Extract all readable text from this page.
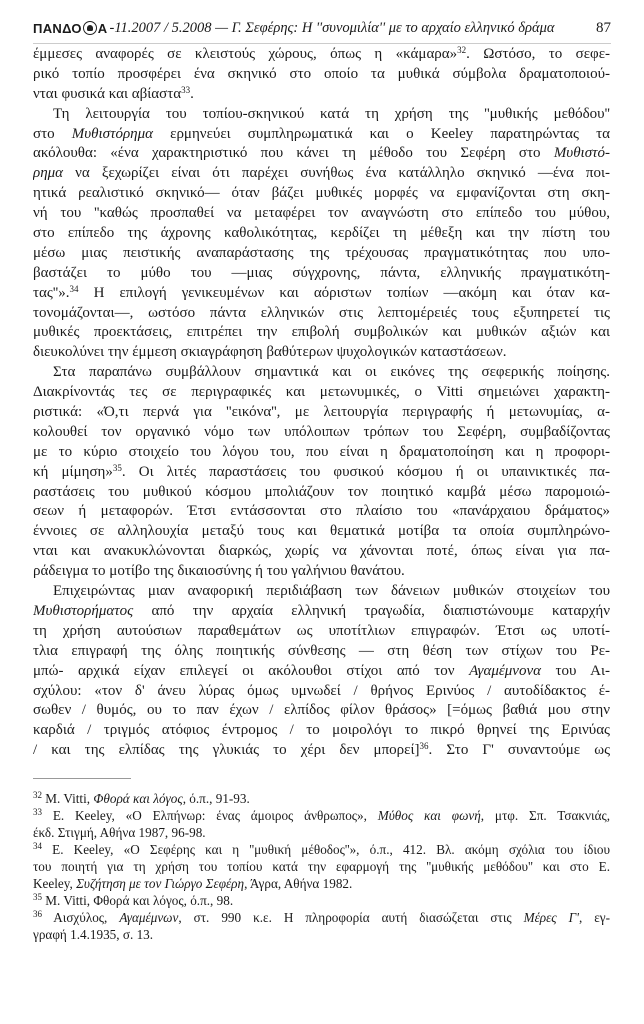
ΠΑΝΔΟ Α -11.2007 / 5.2008 — Γ. Σεφέρης: Η ''συνομιλία'' με το αρχαίο ελληνικό δράμα	87
έμμεσες αναφορές σε κλειστούς χώρους, όπως η «κάμαρα»$^{32}$. Ωστόσο, το σεφε-
ρικό τοπίο προσφέρει ένα σκηνικό στο οποίο τα μυθικά σύμβολα δραματοποιού-
νται φυσικά και αβίαστα$^{33}$.
Τη λειτουργία του τοπίου-σκηνικού κατά τη χρήση της ''μυθικής μεθόδου''
στο Μυθιστόρημα ερμηνεύει συμπληρωματικά και ο Keeley παρατηρώντας τα
ακόλουθα: «ένα χαρακτηριστικό που κάνει τη μέθοδο του Σεφέρη στο Μυθιστό-
ρημα να ξεχωρίζει είναι ότι παρέχει συνήθως ένα κατάλληλο σκηνικό —ένα ποι-
ητικά ρεαλιστικό σκηνικό— όταν βάζει μυθικές μορφές να εμφανίζονται στη σκη-
νή του ''καθώς προσπαθεί να μεταφέρει τον αναγνώστη στο επίπεδο του μύθου,
στο επίπεδο της άχρονης καθολικότητας, κερδίζει τη μέθεξη και την πίστη του
μέσω μιας πειστικής αναπαράστασης της τρέχουσας πραγματικότητας που υπο-
βαστάζει το μύθο του —μιας σύγχρονης, πάντα, ελληνικής πραγματικότη-
τας''».$^{34}$ Η επιλογή γενικευμένων και αόριστων τοπίων —ακόμη και όταν κα-
τονομάζονται—, ωστόσο πάντα ελληνικών στις λεπτομέρειές τους εξυπηρετεί τις
μυθικές προεκτάσεις, επιτρέπει την επιβολή συμβολικών και μυθικών αξιών και
διευκολύνει την έμμεση σκιαγράφηση βαθύτερων ψυχολογικών καταστάσεων.
Στα παραπάνω συμβάλλουν σημαντικά και οι εικόνες της σεφερικής ποίησης.
Διακρίνοντάς τες σε περιγραφικές και μετωνυμικές, ο Vitti σημειώνει χαρακτη-
ριστικά: «Ό,τι περνά για ''εικόνα'', με λειτουργία περιγραφής ή μετωνυμίας, α-
κολουθεί τον οργανικό νόμο των υπόλοιπων τρόπων του Σεφέρη, συμβαδίζοντας
με το κύριο στοιχείο του λόγου του, που είναι η δραματοποίηση και η προφορι-
κή μίμηση»$^{35}$. Οι λιτές παραστάσεις του φυσικού κόσμου ή οι υπαινικτικές πα-
ραστάσεις του μυθικού κόσμου μπολιάζουν τον ποιητικό καμβά μέσω παρομοιώ-
σεων ή μεταφορών. Έτσι εντάσσονται στο πλαίσιο του «πανάρχαιου δράματος»
έννοιες σε αλληλουχία μεταξύ τους και θεματικά μοτίβα τα οποία συμπληρώνο-
νται και ανακυκλώνονται διαρκώς, χωρίς να χάνονται ποτέ, όπως είναι για πα-
ράδειγμα το μοτίβο της δικαιοσύνης ή του γαλήνιου θανάτου.
Επιχειρώντας μιαν αναφορική περιδιάβαση των δάνειων μυθικών στοιχείων του
Μυθιστορήματος από την αρχαία ελληνική τραγωδία, διαπιστώνουμε καταρχήν
τη χρήση αυτούσιων παραθεμάτων ως υποτίτλιων επιγραφών. Έτσι ως υποτί-
τλια επιγραφή της όλης ποιητικής σύνθεσης — στη θέση των στίχων του Ρε-
μπώ- αρχικά είχαν επιλεγεί οι ακόλουθοι στίχοι από τον Αγαμέμνονα του Αι-
σχύλου: «τον δ' άνευ λύρας όμως υμνωδεί / θρήνος Ερινύος / αυτοδίδακτος έ-
σωθεν / θυμός, ου το παν έχων / ελπίδος φίλον θράσος» [=όμως βαθιά μου στην
καρδιά / τριγμός ατόφιος έντρομος / το μοιρολόγι το πικρό θρηνεί της Ερινύας
/ και της ελπίδας της γλυκιάς το χέρι δεν μπορεί]$^{36}$. Στο Γ' συναντούμε ως
$^{32}$ M. Vitti, Φθορά και λόγος, ό.π., 91-93.
$^{33}$ E. Keeley, «Ο Ελπήνωρ: ένας άμοιρος άνθρωπος», Μύθος και φωνή, μτφ. Σπ. Τσακνιάς,
έκδ. Στιγμή, Αθήνα 1987, 96-98.
$^{34}$ E. Keeley, «Ο Σεφέρης και η ''μυθική μέθοδος''», ό.π., 412. Βλ. ακόμη σχόλια του ίδιου
του ποιητή για τη χρήση του τοπίου κατά την εφαρμογή της ''μυθικής μεθόδου'' και στο E.
Keeley, Συζήτηση με τον Γιώργο Σεφέρη, Άγρα, Αθήνα 1982.
$^{35}$ M. Vitti, Φθορά και λόγος, ό.π., 98.
$^{36}$ Αισχύλος, Αγαμέμνων, στ. 990 κ.ε. Η πληροφορία αυτή διασώζεται στις Μέρες Γ', εγ-
γραφή 1.4.1935, σ. 13.
